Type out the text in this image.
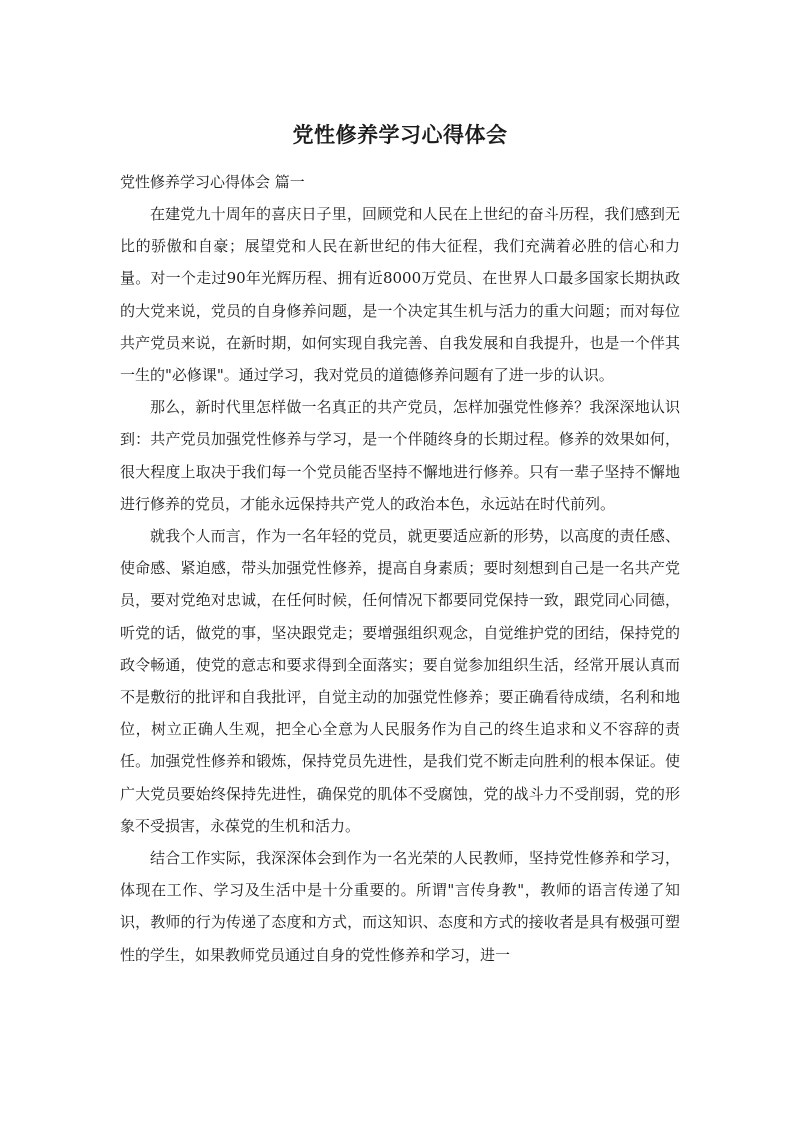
党性修养学习心得体会

党性修养学习心得体会 篇一

在建党九十周年的喜庆日子里，回顾党和人民在上世纪的奋斗历程，我们感到无比的骄傲和自豪；展望党和人民在新世纪的伟大征程，我们充满着必胜的信心和力量。对一个走过90年光辉历程、拥有近8000万党员、在世界人口最多国家长期执政的大党来说，党员的自身修养问题，是一个决定其生机与活力的重大问题；而对每位共产党员来说，在新时期，如何实现自我完善、自我发展和自我提升，也是一个伴其一生的"必修课"。通过学习，我对党员的道德修养问题有了进一步的认识。

那么，新时代里怎样做一名真正的共产党员，怎样加强党性修养？我深深地认识到：共产党员加强党性修养与学习，是一个伴随终身的长期过程。修养的效果如何，很大程度上取决于我们每一个党员能否坚持不懈地进行修养。只有一辈子坚持不懈地进行修养的党员，才能永远保持共产党人的政治本色，永远站在时代前列。

就我个人而言，作为一名年轻的党员，就更要适应新的形势，以高度的责任感、使命感、紧迫感，带头加强党性修养，提高自身素质；要时刻想到自己是一名共产党员，要对党绝对忠诚，在任何时候，任何情况下都要同党保持一致，跟党同心同德，听党的话，做党的事，坚决跟党走；要增强组织观念，自觉维护党的团结，保持党的政令畅通，使党的意志和要求得到全面落实；要自觉参加组织生活，经常开展认真而不是敷衍的批评和自我批评，自觉主动的加强党性修养；要正确看待成绩，名利和地位，树立正确人生观，把全心全意为人民服务作为自己的终生追求和义不容辞的责任。加强党性修养和锻炼，保持党员先进性，是我们党不断走向胜利的根本保证。使广大党员要始终保持先进性，确保党的肌体不受腐蚀，党的战斗力不受削弱，党的形象不受损害，永葆党的生机和活力。

结合工作实际，我深深体会到作为一名光荣的人民教师，坚持党性修养和学习，体现在工作、学习及生活中是十分重要的。所谓"言传身教"，教师的语言传递了知识，教师的行为传递了态度和方式，而这知识、态度和方式的接收者是具有极强可塑性的学生，如果教师党员通过自身的党性修养和学习，进一
